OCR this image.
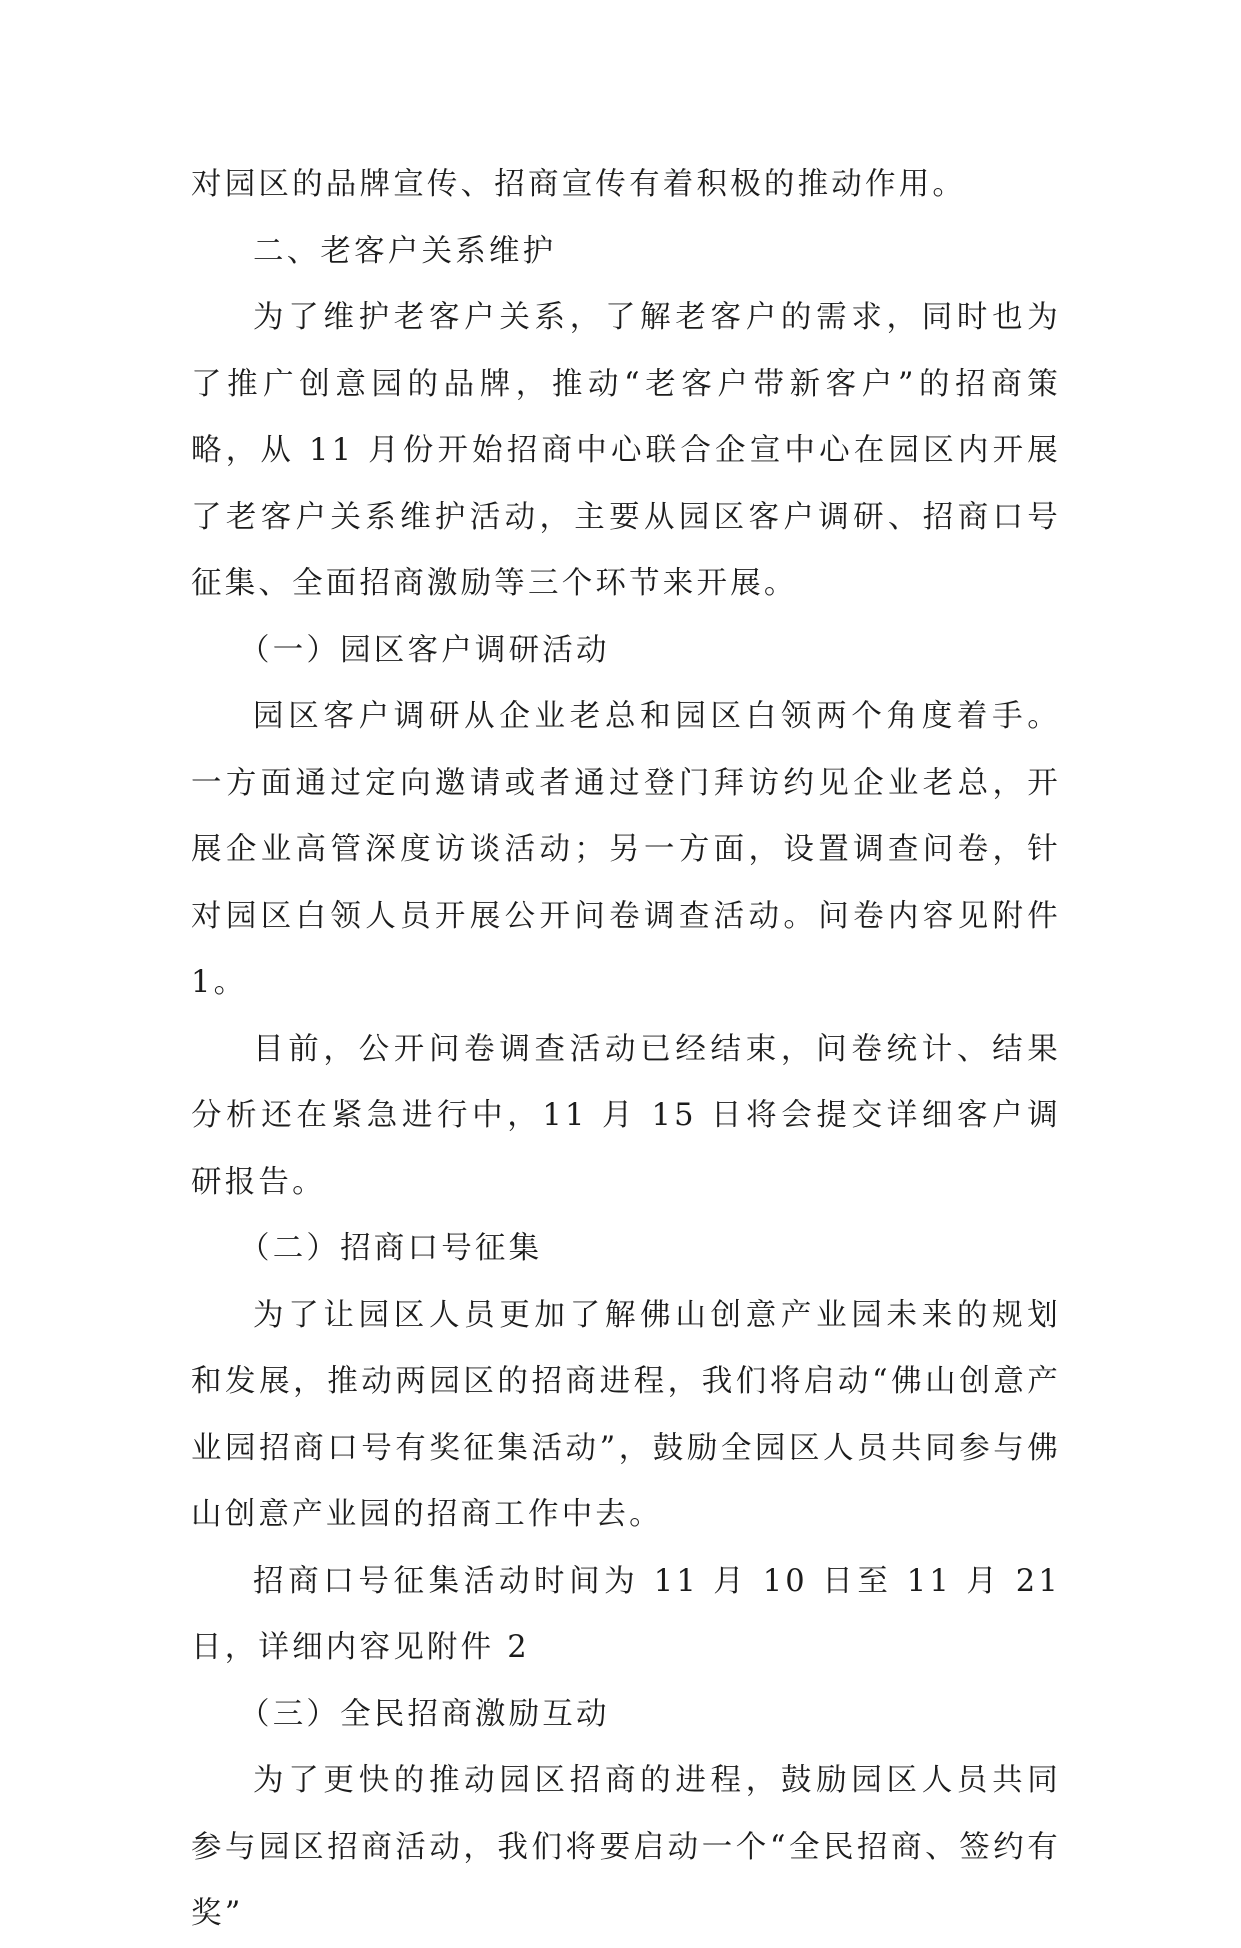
对园区的品牌宣传、招商宣传有着积极的推动作用。

二、老客户关系维护

为了维护老客户关系，了解老客户的需求，同时也为了推广创意园的品牌，推动“老客户带新客户”的招商策略，从 11 月份开始招商中心联合企宣中心在园区内开展了老客户关系维护活动，主要从园区客户调研、招商口号征集、全面招商激励等三个环节来开展。

（一）园区客户调研活动

园区客户调研从企业老总和园区白领两个角度着手。一方面通过定向邀请或者通过登门拜访约见企业老总，开展企业高管深度访谈活动；另一方面，设置调查问卷，针对园区白领人员开展公开问卷调查活动。问卷内容见附件 1。

目前，公开问卷调查活动已经结束，问卷统计、结果分析还在紧急进行中，11 月 15 日将会提交详细客户调研报告。

（二）招商口号征集

为了让园区人员更加了解佛山创意产业园未来的规划和发展，推动两园区的招商进程，我们将启动“佛山创意产业园招商口号有奖征集活动”，鼓励全园区人员共同参与佛山创意产业园的招商工作中去。

招商口号征集活动时间为 11 月 10 日至 11 月 21 日，详细内容见附件 2

（三）全民招商激励互动

为了更快的推动园区招商的进程，鼓励园区人员共同参与园区招商活动，我们将要启动一个“全民招商、签约有奖”
